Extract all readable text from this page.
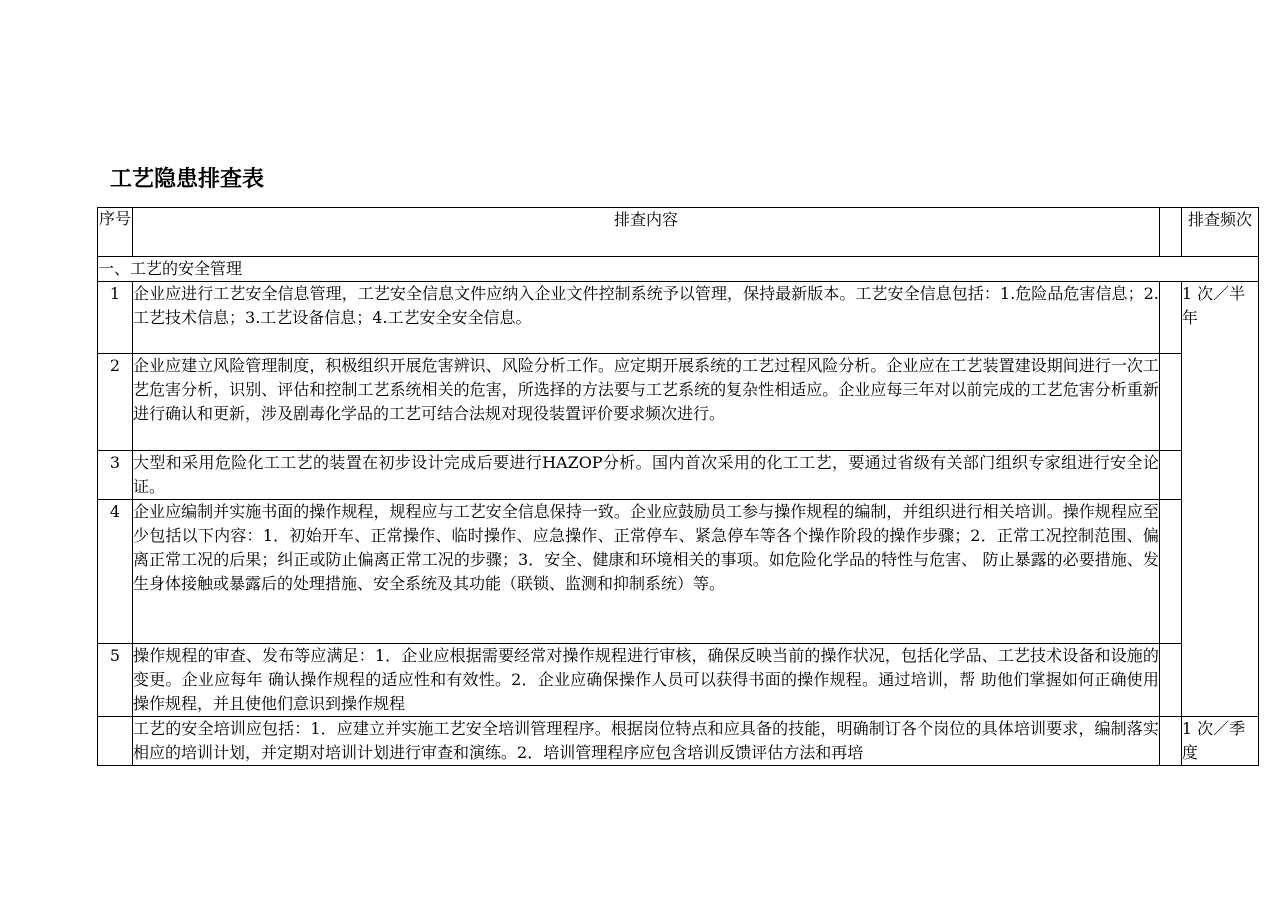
工艺隐患排查表
序号	排查内容		排查频次
一、工艺的安全管理			
1	企业应进行工艺安全信息管理，工艺安全信息文件应纳入企业文件控制系统予以管理，保持最新版本。工艺安全信息包括：1.危险品危害信息；2.工艺技术信息；3.工艺设备信息；4.工艺安全安全信息。		1 次／半年
2	企业应建立风险管理制度，积极组织开展危害辨识、风险分析工作。应定期开展系统的工艺过程风险分析。企业应在工艺装置建设期间进行一次工艺危害分析，识别、评估和控制工艺系统相关的危害，所选择的方法要与工艺系统的复杂性相适应。企业应每三年对以前完成的工艺危害分析重新进行确认和更新，涉及剧毒化学品的工艺可结合法规对现役装置评价要求频次进行。		
3	大型和采用危险化工工艺的装置在初步设计完成后要进行HAZOP分析。国内首次采用的化工工艺，要通过省级有关部门组织专家组进行安全论证。		
4	企业应编制并实施书面的操作规程，规程应与工艺安全信息保持一致。企业应鼓励员工参与操作规程的编制，并组织进行相关培训。操作规程应至少包括以下内容：1．初始开车、正常操作、临时操作、应急操作、正常停车、紧急停车等各个操作阶段的操作步骤；2．正常工况控制范围、偏离正常工况的后果；纠正或防止偏离正常工况的步骤；3．安全、健康和环境相关的事项。如危险化学品的特性与危害、 防止暴露的必要措施、发生身体接触或暴露后的处理措施、安全系统及其功能（联锁、监测和抑制系统）等。		
5	操作规程的审查、发布等应满足：1．企业应根据需要经常对操作规程进行审核，确保反映当前的操作状况，包括化学品、工艺技术设备和设施的变更。企业应每年 确认操作规程的适应性和有效性。2．企业应确保操作人员可以获得书面的操作规程。通过培训，帮 助他们掌握如何正确使用操作规程，并且使他们意识到操作规程		
	工艺的安全培训应包括：1．应建立并实施工艺安全培训管理程序。根据岗位特点和应具备的技能，明确制订各个岗位的具体培训要求，编制落实相应的培训计划，并定期对培训计划进行审查和演练。2．培训管理程序应包含培训反馈评估方法和再培		1 次／季度
